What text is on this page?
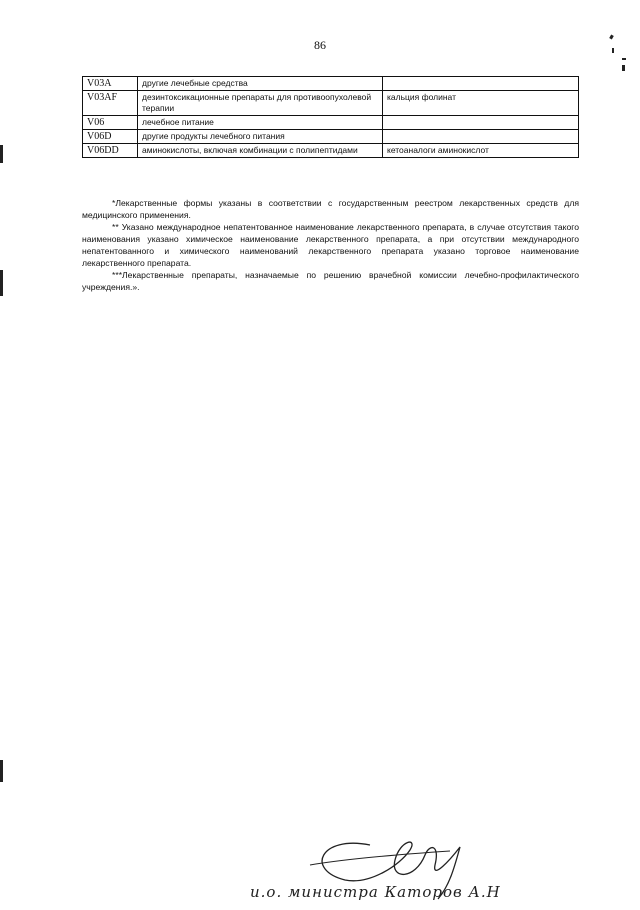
86
V03A	другие лечебные средства	
V03AF	дезинтоксикационные препараты для противоопухолевой терапии	кальция фолинат
V06	лечебное питание	
V06D	другие продукты лечебного питания	
V06DD	аминокислоты, включая комбинации с полипептидами	кетоаналоги аминокислот

*Лекарственные формы указаны в соответствии с государственным реестром лекарственных средств для медицинского применения.

** Указано международное непатентованное наименование лекарственного препарата, в случае отсутствия такого наименования указано химическое наименование лекарственного препарата, а при отсутствии международного непатентованного и химического наименований лекарственного препарата указано торговое наименование лекарственного препарата.

***Лекарственные препараты, назначаемые по решению врачебной комиссии лечебно-профилактического учреждения.».

и.о. министра Каторов А.Н
